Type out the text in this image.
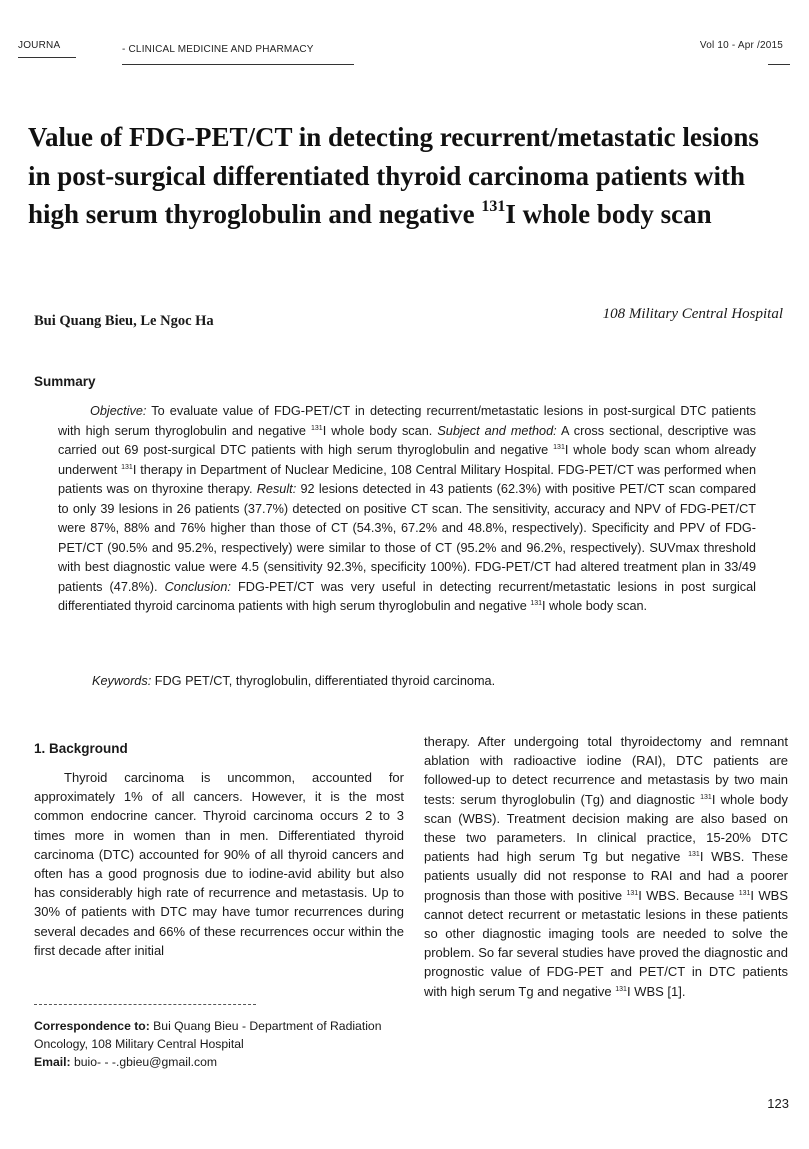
JOURNA	- CLINICAL MEDICINE AND PHARMACY	Vol 10 - Apr /2015
Value of FDG-PET/CT in detecting recurrent/metastatic lesions in post-surgical differentiated thyroid carcinoma patients with high serum thyroglobulin and negative $^{131}$I whole body scan
Bui Quang Bieu, Le Ngoc Ha	108 Military Central Hospital
Summary

Objective: To evaluate value of FDG-PET/CT in detecting recurrent/metastatic lesions in post-surgical DTC patients with high serum thyroglobulin and negative $^{131}$I whole body scan. Subject and method: A cross sectional, descriptive was carried out 69 post-surgical DTC patients with high serum thyroglobulin and negative $^{131}$I whole body scan whom already underwent $^{131}$I therapy in Department of Nuclear Medicine, 108 Central Military Hospital. FDG-PET/CT was performed when patients was on thyroxine therapy. Result: 92 lesions detected in 43 patients (62.3%) with positive PET/CT scan compared to only 39 lesions in 26 patients (37.7%) detected on positive CT scan. The sensitivity, accuracy and NPV of FDG-PET/CT were 87%, 88% and 76% higher than those of CT (54.3%, 67.2% and 48.8%, respectively). Specificity and PPV of FDG-PET/CT (90.5% and 95.2%, respectively) were similar to those of CT (95.2% and 96.2%, respectively). SUVmax threshold with best diagnostic value were 4.5 (sensitivity 92.3%, specificity 100%). FDG-PET/CT had altered treatment plan in 33/49 patients (47.8%). Conclusion: FDG-PET/CT was very useful in detecting recurrent/metastatic lesions in post surgical differentiated thyroid carcinoma patients with high serum thyroglobulin and negative $^{131}$I whole body scan.

Keywords: FDG PET/CT, thyroglobulin, differentiated thyroid carcinoma.
1. Background

Thyroid carcinoma is uncommon, accounted for approximately 1% of all cancers. However, it is the most common endocrine cancer. Thyroid carcinoma occurs 2 to 3 times more in women than in men. Differentiated thyroid carcinoma (DTC) accounted for 90% of all thyroid cancers and often has a good prognosis due to iodine-avid ability but also has considerably high rate of recurrence and metastasis. Up to 30% of patients with DTC may have tumor recurrences during several decades and 66% of these recurrences occur within the first decade after initial

therapy. After undergoing total thyroidectomy and remnant ablation with radioactive iodine (RAI), DTC patients are followed-up to detect recurrence and metastasis by two main tests: serum thyroglobulin (Tg) and diagnostic $^{131}$I whole body scan (WBS). Treatment decision making are also based on these two parameters. In clinical practice, 15-20% DTC patients had high serum Tg but negative $^{131}$I WBS. These patients usually did not response to RAI and had a poorer prognosis than those with positive $^{131}$I WBS. Because $^{131}$I WBS cannot detect recurrent or metastatic lesions in these patients so other diagnostic imaging tools are needed to solve the problem. So far several studies have proved the diagnostic and prognostic value of FDG-PET and PET/CT in DTC patients with high serum Tg and negative $^{131}$I WBS [1].

Correspondence to: Bui Quang Bieu - Department of Radiation Oncology, 108 Military Central Hospital
Email: buio- - -.gbieu@gmail.com
123
